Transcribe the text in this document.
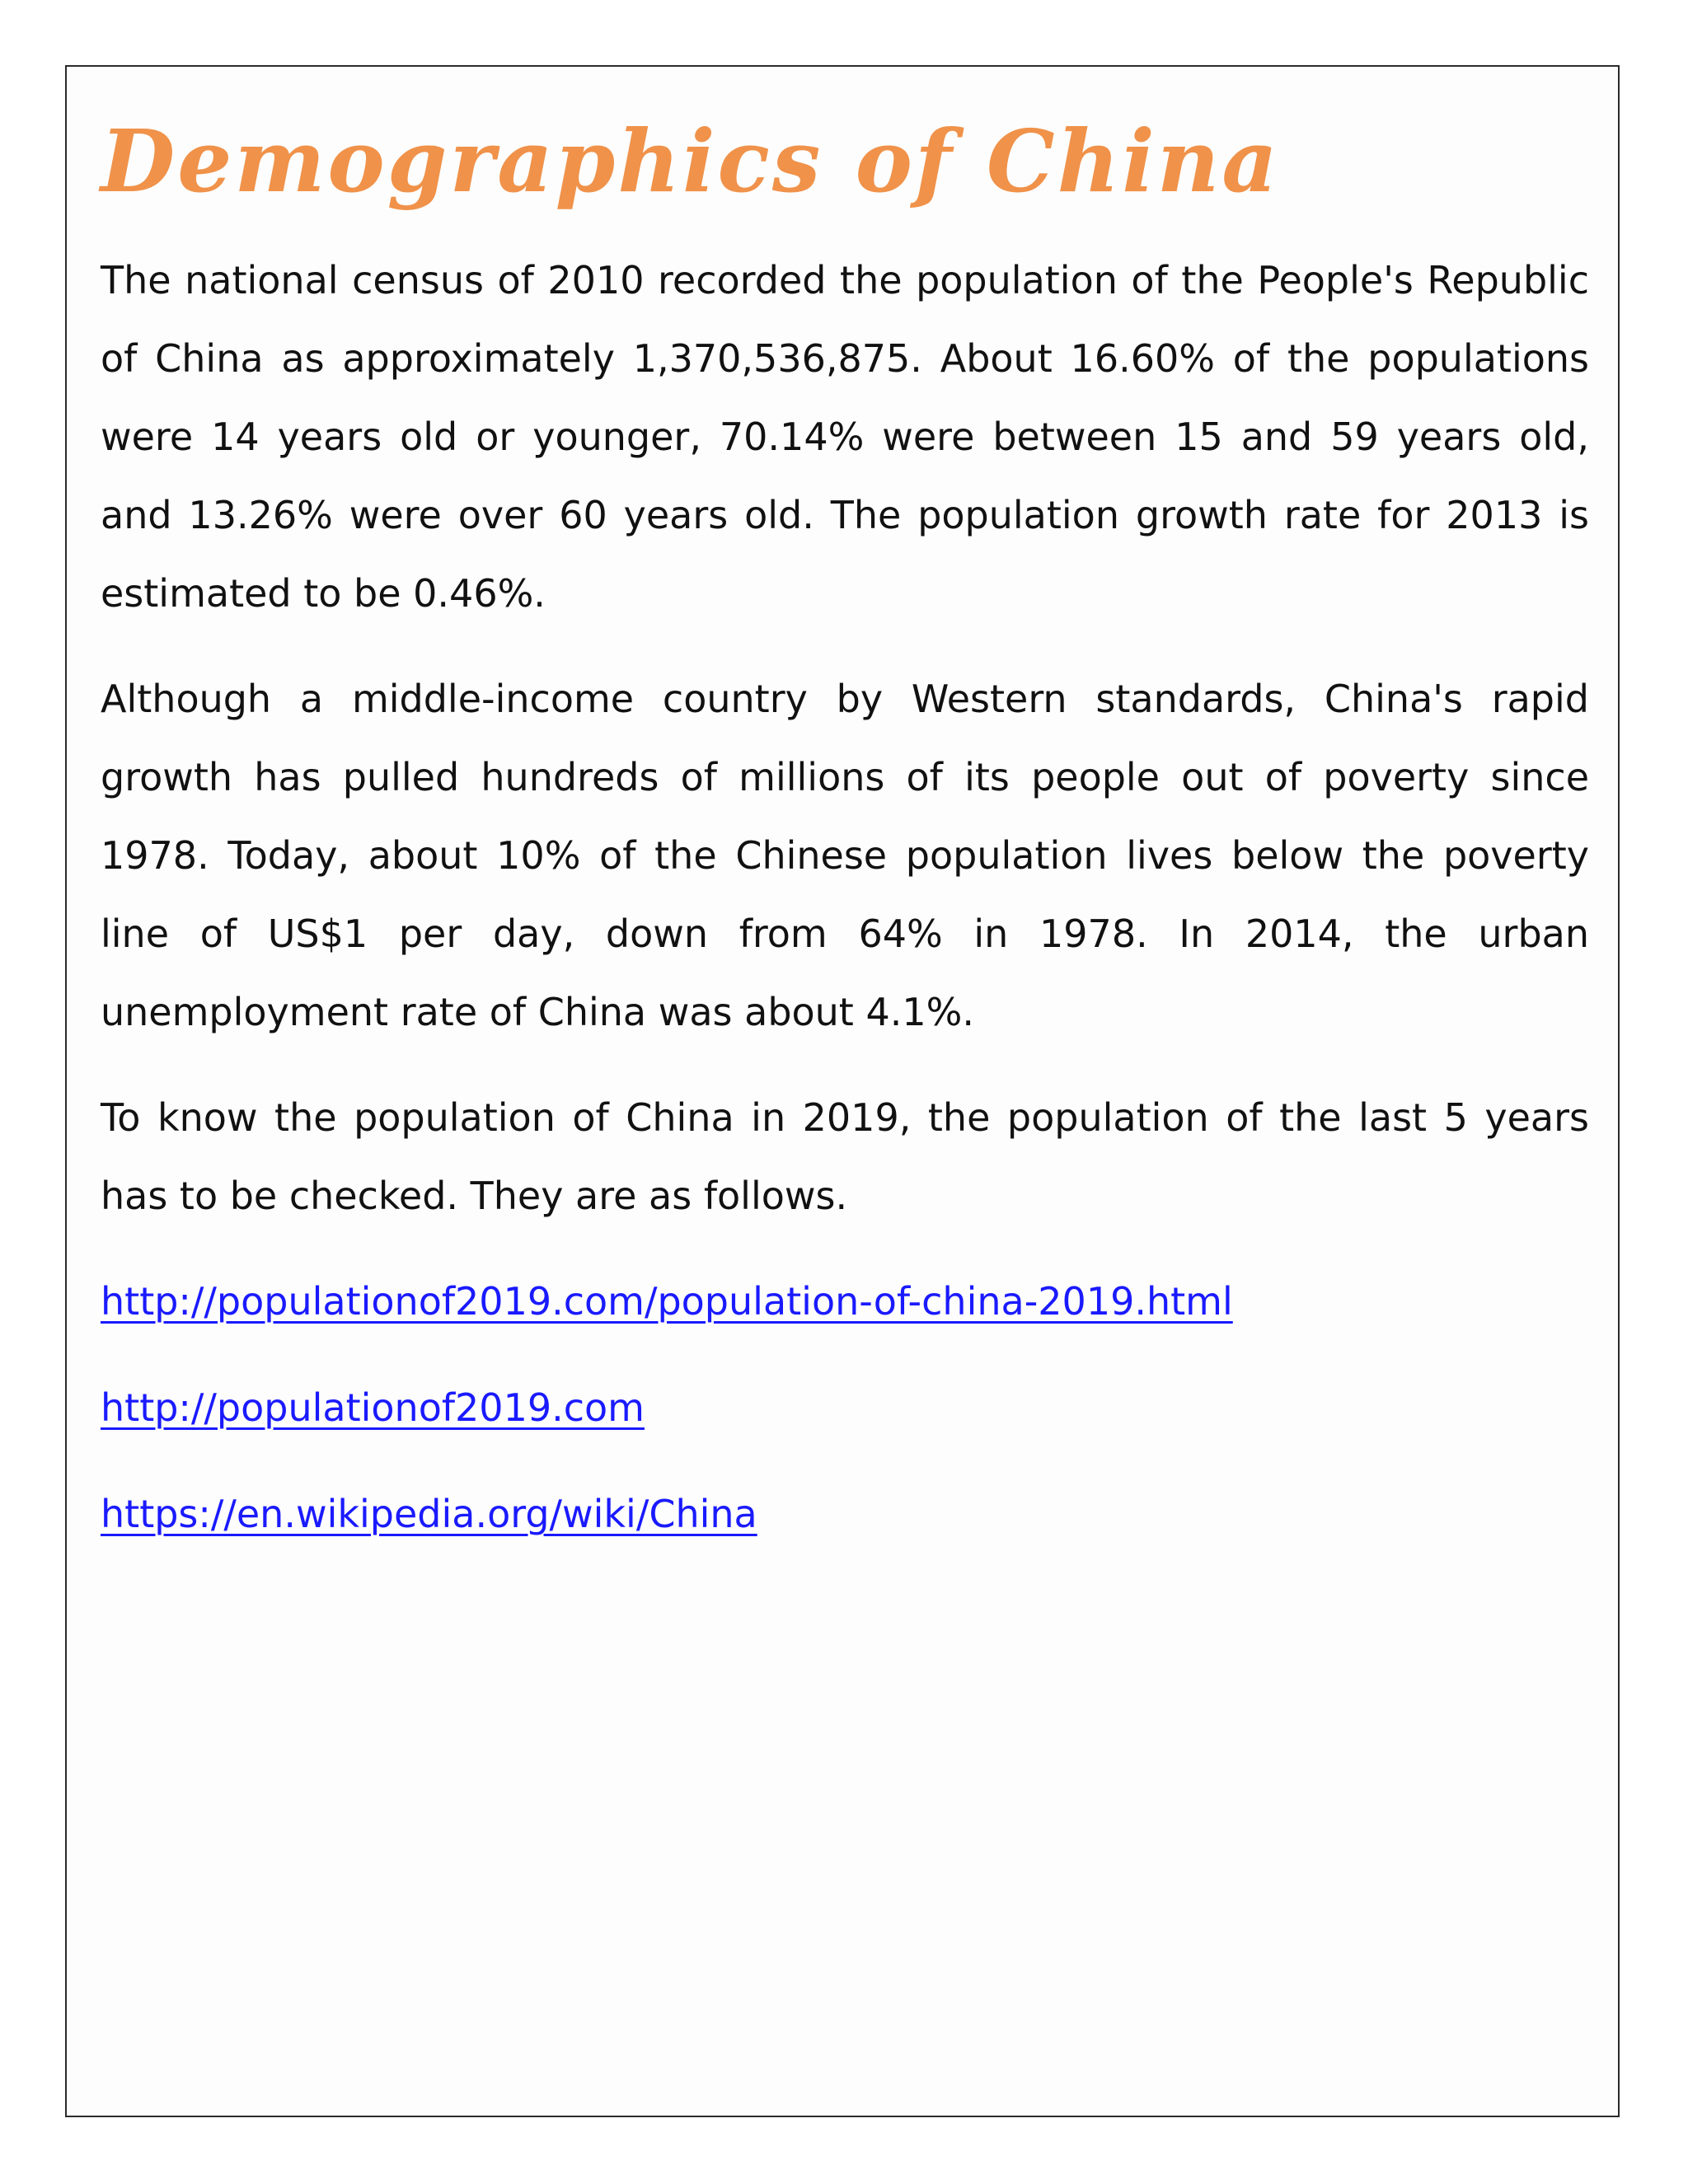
Demographics of China

The national census of 2010 recorded the population of the People's Republic of China as approximately 1,370,536,875. About 16.60% of the populations were 14 years old or younger, 70.14% were between 15 and 59 years old, and 13.26% were over 60 years old. The population growth rate for 2013 is estimated to be 0.46%.

Although a middle-income country by Western standards, China's rapid growth has pulled hundreds of millions of its people out of poverty since 1978. Today, about 10% of the Chinese population lives below the poverty line of US$1 per day, down from 64% in 1978. In 2014, the urban unemployment rate of China was about 4.1%.

To know the population of China in 2019, the population of the last 5 years has to be checked. They are as follows.

http://populationof2019.com/population-of-china-2019.html
http://populationof2019.com
https://en.wikipedia.org/wiki/China
